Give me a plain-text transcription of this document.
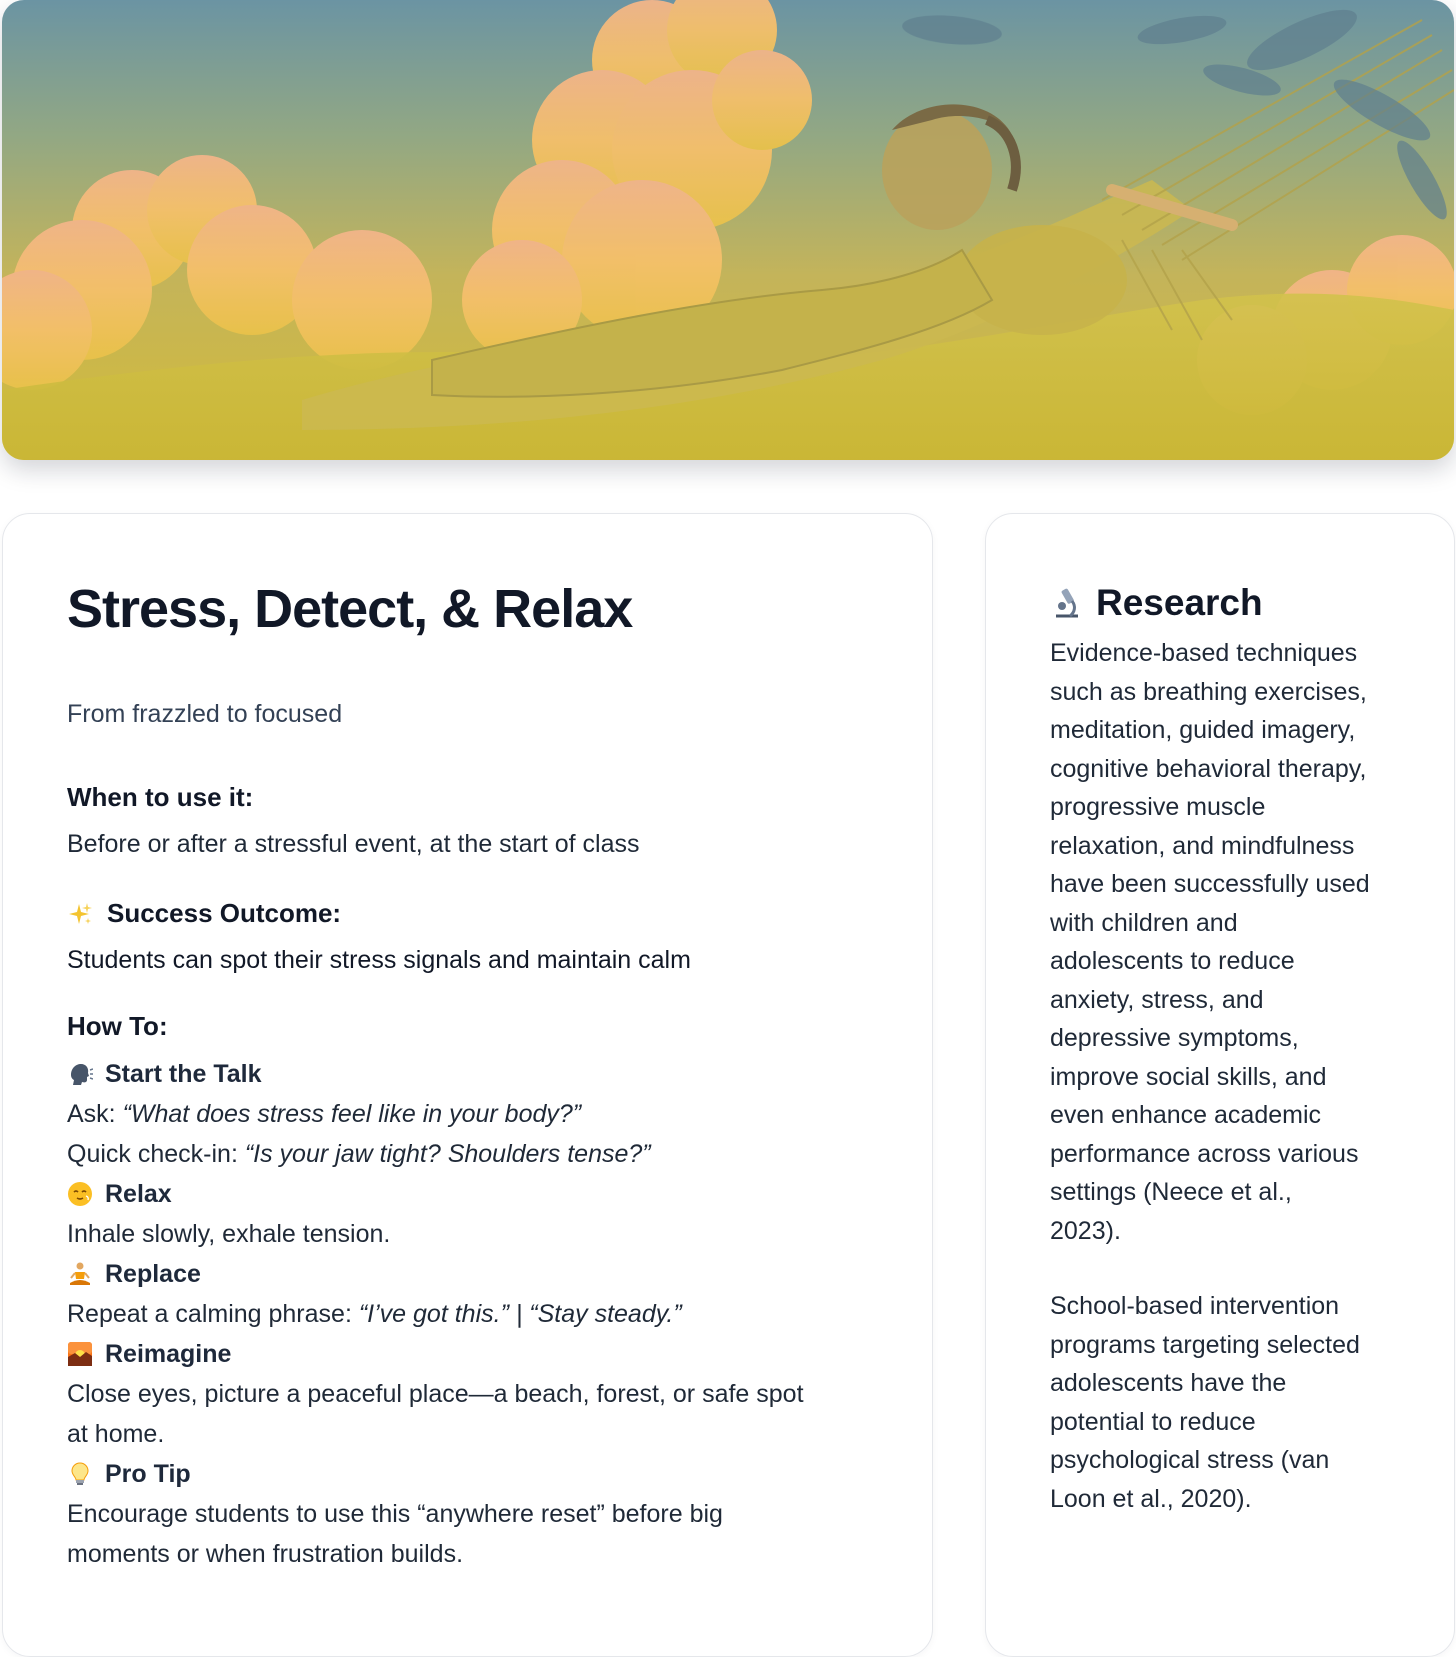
Stress, Detect, & Relax
From frazzled to focused
When to use it:
Before or after a stressful event, at the start of class
Success Outcome:
Students can spot their stress signals and maintain calm
How To:
Start the Talk
Ask: “What does stress feel like in your body?”
Quick check-in: “Is your jaw tight? Shoulders tense?”
Relax
Inhale slowly, exhale tension.
Replace
Repeat a calming phrase: “I’ve got this.” | “Stay steady.”
Reimagine
Close eyes, picture a peaceful place—a beach, forest, or safe spot
at home.
Pro Tip
Encourage students to use this “anywhere reset” before big
moments or when frustration builds.
Research
Evidence-based techniques
such as breathing exercises,
meditation, guided imagery,
cognitive behavioral therapy,
progressive muscle
relaxation, and mindfulness
have been successfully used
with children and
adolescents to reduce
anxiety, stress, and
depressive symptoms,
improve social skills, and
even enhance academic
performance across various
settings (Neece et al.,
2023).
School-based intervention
programs targeting selected
adolescents have the
potential to reduce
psychological stress (van
Loon et al., 2020).
